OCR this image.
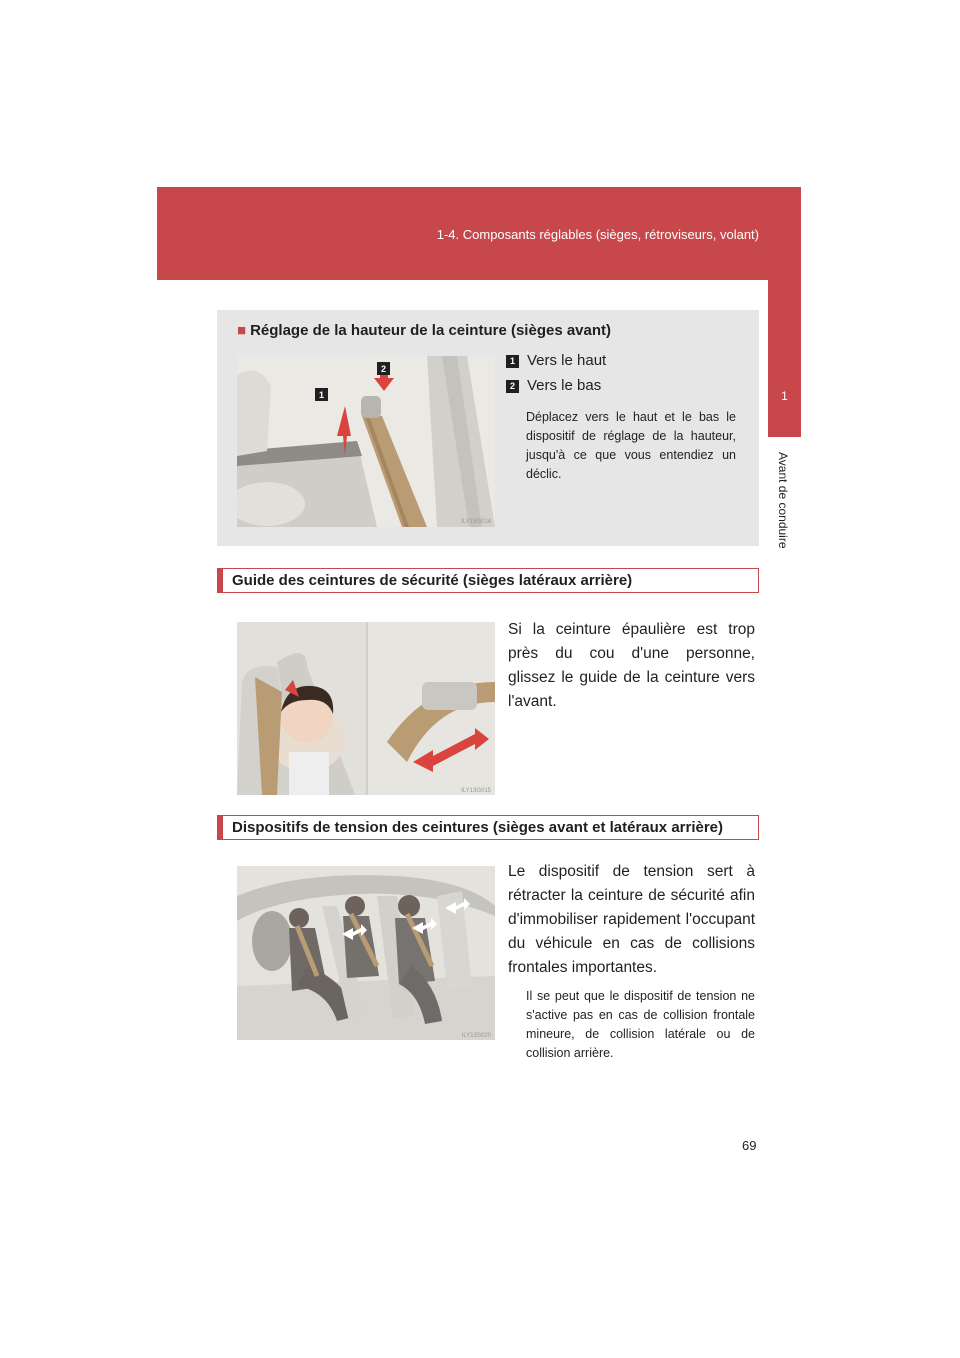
1-4. Composants réglables (sièges, rétroviseurs, volant)
1
Avant de conduire
■ Réglage de la hauteur de la ceinture (sièges avant)
1
2
ILY13G014
1 Vers le haut
2 Vers le bas
Déplacez vers le haut et le bas le dispositif de réglage de la hauteur, jusqu'à ce que vous entendiez un déclic.
Guide des ceintures de sécurité (sièges latéraux arrière)
ILY13G015
Si la ceinture épaulière est trop près du cou d'une personne, glissez le guide de la ceinture vers l'avant.
Dispositifs de tension des ceintures (sièges avant et latéraux arrière)
ILY13S020
Le dispositif de tension sert à rétracter la ceinture de sécurité afin d'immobiliser rapidement l'occupant du véhicule en cas de collisions frontales importantes.
Il se peut que le dispositif de tension ne s'active pas en cas de collision frontale mineure, de collision latérale ou de collision arrière.
69
